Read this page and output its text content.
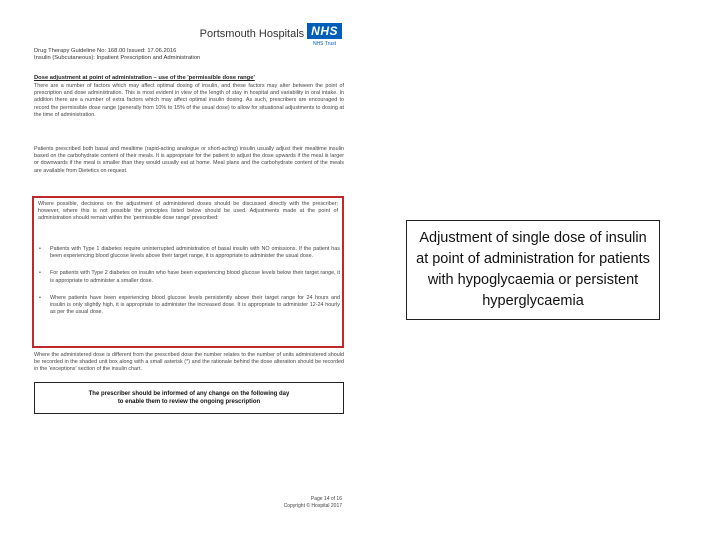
Portsmouth Hospitals NHS
NHS Trust
Drug Therapy Guideline No: 168.00 Issued: 17.06.2016
Insulin (Subcutaneous): Inpatient Prescription and Administration
Dose adjustment at point of administration – use of the 'permissible dose range'
There are a number of factors which may affect optimal dosing of insulin, and these factors may alter between the point of prescription and dose administration. This is most evident in view of the length of stay in hospital and variability in oral intake. In addition there are a number of extra factors which may affect optimal insulin dosing. As such, prescribers are encouraged to record the permissible dose range (generally from 10% to 15% of the usual dose) to allow for situational adjustments to dosing at the time of administration.
Patients prescribed both basal and mealtime (rapid-acting analogue or short-acting) insulin usually adjust their mealtime insulin based on the carbohydrate content of their meals. It is appropriate for the patient to adjust the dose upwards if the meal is larger or downwards if the meal is smaller than they would usually eat at home. Meal plans and the carbohydrate content of the meals are available from Dietetics on request.
Where possible, decisions on the adjustment of administered doses should be discussed directly with the prescriber; however, where this is not possible the principles listed below should be used. Adjustments made at the point of administration should remain within the 'permissible dose range' prescribed:
• Patients with Type 1 diabetes require uninterrupted administration of basal insulin with NO omissions. If the patient has been experiencing blood glucose levels above their target range, it is appropriate to administer the usual dose.
• For patients with Type 2 diabetes on insulin who have been experiencing blood glucose levels below their target range, it is appropriate to administer a smaller dose.
• Where patients have been experiencing blood glucose levels persistently above their target range for 24 hours and insulin is only slightly high, it is appropriate to administer the increased dose. It is appropriate to administer 12-24 hourly as per the usual dose.
Where the administered dose is different from the prescribed dose the number relates to the number of units administered should be recorded in the shaded unit box along with a small asterisk (*) and the rationale behind the dose alteration should be recorded in the 'exceptions' section of the insulin chart.
The prescriber should be informed of any change on the following day
to enable them to review the ongoing prescription
Page 14 of 16
Copyright © Hospital 2017
Adjustment of single dose of insulin at point of administration for patients with hypoglycaemia or persistent hyperglycaemia
